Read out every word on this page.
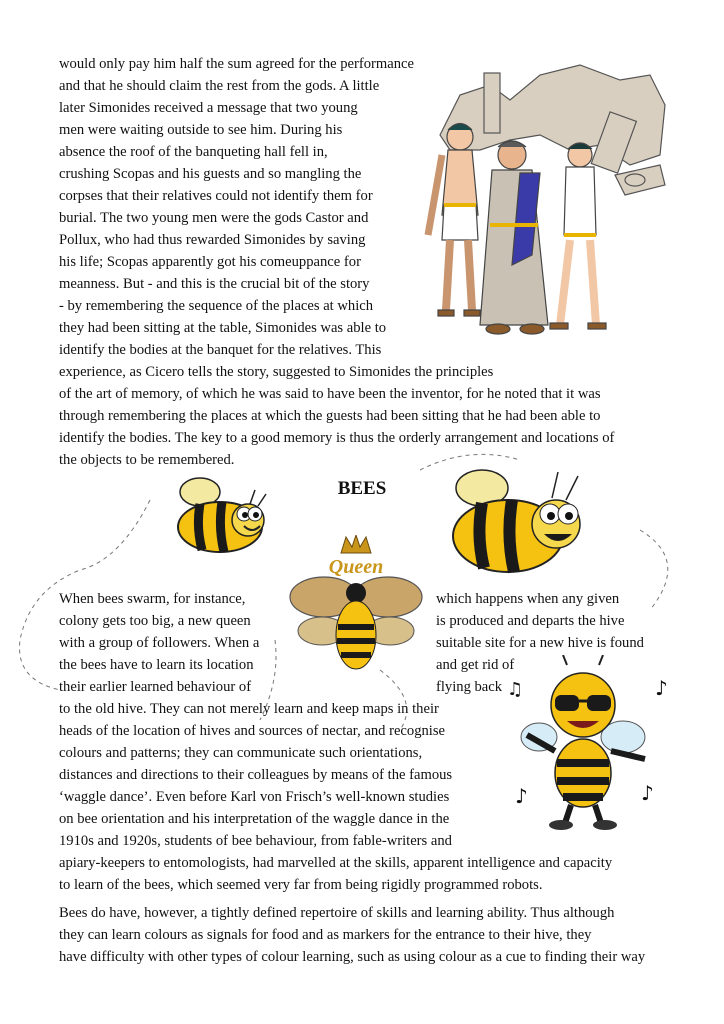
would only pay him half the sum agreed for the performance
and that he should claim the rest from the gods. A little
later Simonides received a message that two young
men were waiting outside to see him. During his
absence the roof of the banqueting hall fell in,
crushing Scopas and his guests and so mangling the
corpses that their relatives could not identify them for
burial. The two young men were the gods Castor and
Pollux, who had thus rewarded Simonides by saving
his life; Scopas apparently got his comeuppance for
meanness. But - and this is the crucial bit of the story
- by remembering the sequence of the places at which
they had been sitting at the table, Simonides was able to
identify the bodies at the banquet for the relatives. This
experience, as Cicero tells the story, suggested to Simonides the principles
of the art of memory, of which he was said to have been the inventor, for he noted that it was
through remembering the places at which the guests had been sitting that he had been able to
identify the bodies. The key to a good memory is thus the orderly arrangement and locations of
the objects to be remembered.
BEES
Queen
When bees swarm, for instance,
colony gets too big, a new queen
with a group of followers. When a
the bees have to learn its location
their earlier learned behaviour of
which happens when any given
is produced and departs the hive
suitable site for a new hive is found
and get rid of
flying back	♪
♫
♪	♪
to the old hive. They can not merely learn and keep maps in their
heads of the location of hives and sources of nectar, and recognise
colours and patterns; they can communicate such orientations,
distances and directions to their colleagues by means of the famous
‘waggle dance’. Even before Karl von Frisch’s well-known studies
on bee orientation and his interpretation of the waggle dance in the
1910s and 1920s, students of bee behaviour, from fable-writers and
apiary-keepers to entomologists, had marvelled at the skills, apparent intelligence and capacity
to learn of the bees, which seemed very far from being rigidly programmed robots.
Bees do have, however, a tightly defined repertoire of skills and learning ability. Thus although
they can learn colours as signals for food and as markers for the entrance to their hive, they
have difficulty with other types of colour learning, such as using colour as a cue to finding their way
